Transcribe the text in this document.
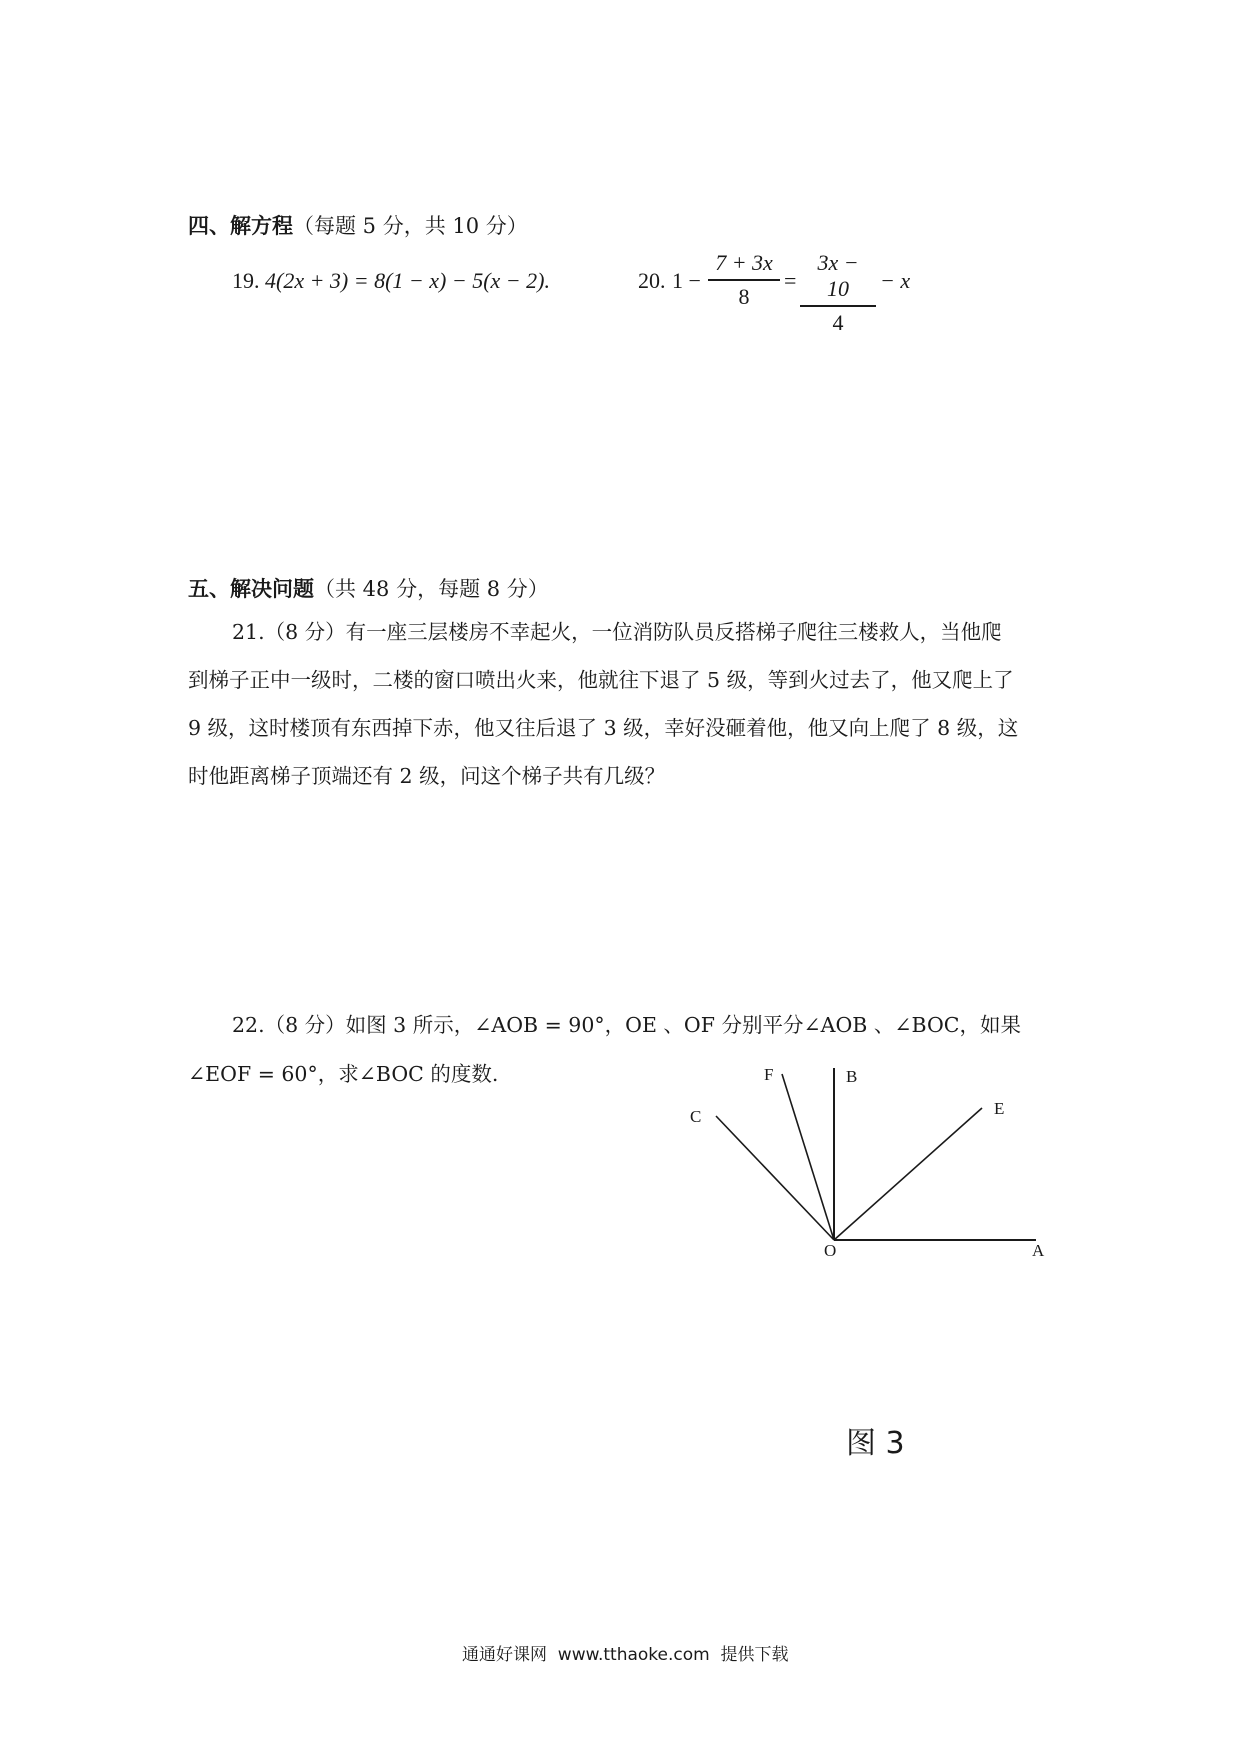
四、解方程（每题 5 分，共 10 分）
19. 4(2x + 3) = 8(1 − x) − 5(x − 2).	20. 1 −
7 + 3x
8
=
3x − 10
4
− x
五、解决问题（共 48 分，每题 8 分）
21.（8 分）有一座三层楼房不幸起火，一位消防队员反搭梯子爬往三楼救人，当他爬
到梯子正中一级时，二楼的窗口喷出火来，他就往下退了 5 级，等到火过去了，他又爬上了
9 级，这时楼顶有东西掉下赤，他又往后退了 3 级，幸好没砸着他，他又向上爬了 8 级，这
时他距离梯子顶端还有 2 级，问这个梯子共有几级？
22.（8 分）如图 3 所示，∠AOB = 90°，OE 、OF 分别平分∠AOB 、∠BOC，如果
∠EOF = 60°，求∠BOC 的度数.
O	A
B
C	E
F
图 3
通通好课网  www.tthaoke.com  提供下载
